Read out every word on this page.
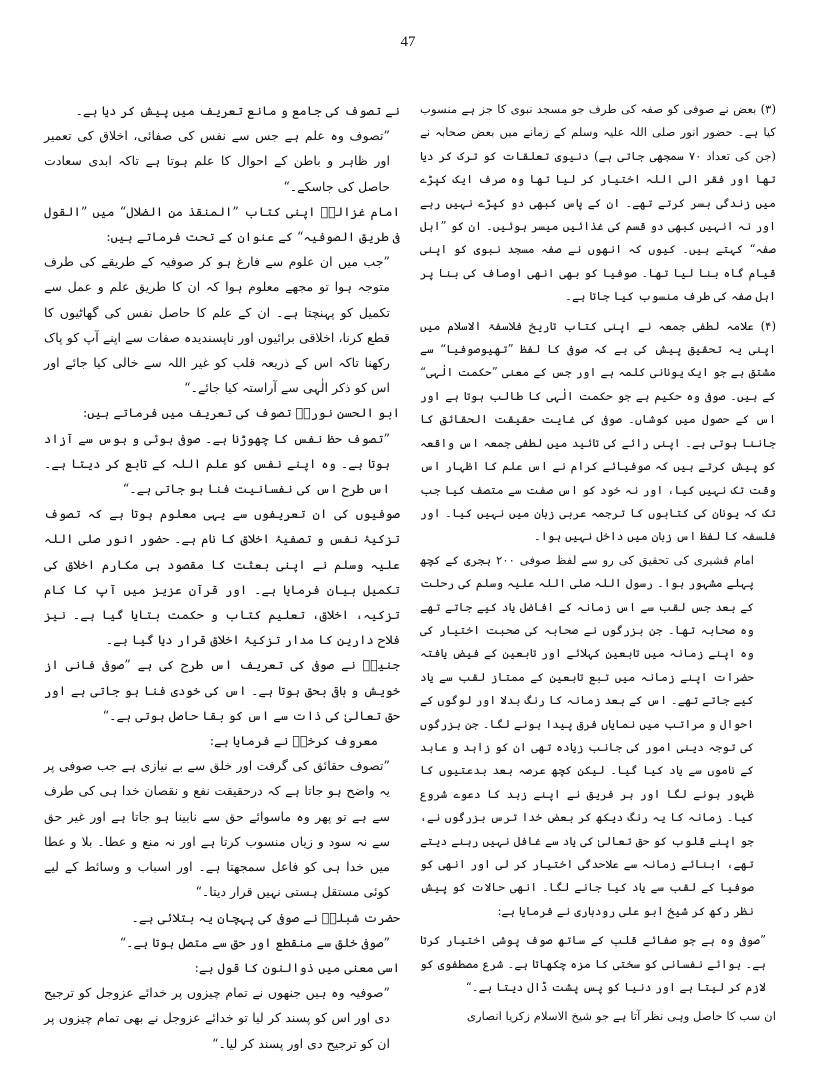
47

(۳) بعض نے صوفی کو صفہ کی طرف جو مسجد نبوی کا جز ہے منسوب کیا ہے۔ حضور انور صلی اللہ علیہ وسلم کے زمانے میں بعض صحابہ نے (جن کی تعداد ۷۰ سمجھی جاتی ہے) دنیوی تعلقات کو ترک کر دیا تھا اور فقر الی اللہ اختیار کر لیا تھا وہ صرف ایک کپڑے میں زندگی بسر کرتے تھے۔ ان کے پاس کبھی دو کپڑے نہیں رہے اور نہ انہیں کبھی دو قسم کی غذائیں میسر ہوئیں۔ ان کو ”اہل صفہ“ کہتے ہیں۔ کیوں کہ انھوں نے صفہ مسجد نبوی کو اپنی قیام گاہ بنا لیا تھا۔ صوفیا کو بھی انھی اوصاف کی بنا پر اہل صفہ کی طرف منسوب کیا جاتا ہے۔

(۴) علامہ لطفی جمعہ نے اپنی کتاب تاریخ فلاسفۃ الاسلام میں اپنی یہ تحقیق پیش کی ہے کہ صوفی کا لفظ ”تھیوصوفیا“ سے مشتق ہے جو ایک یونانی کلمہ ہے اور جس کے معنی ”حکمت الٰہی“ کے ہیں۔ صوفی وہ حکیم ہے جو حکمت الٰہی کا طالب ہوتا ہے اور اس کے حصول میں کوشاں۔ صوفی کی غایت حقیقت الحقائق کا جاننا ہوتی ہے۔ اپنی رائے کی تائید میں لطفی جمعہ اس واقعہ کو پیش کرتے ہیں کہ صوفیائے کرام نے اس علم کا اظہار اس وقت تک نہیں کیا، اور نہ خود کو اس صفت سے متصف کیا جب تک کہ یونان کی کتابوں کا ترجمہ عربی زبان میں نہیں کیا۔ اور فلسفہ کا لفظ اس زبان میں داخل نہیں ہوا۔

امام قشیری کی تحقیق کی رو سے لفظ صوفی ۲۰۰ ہجری کے کچھ پہلے مشہور ہوا۔ رسول اللہ صلی اللہ علیہ وسلم کی رحلت کے بعد جس لقب سے اس زمانہ کے افاضل یاد کیے جاتے تھے وہ صحابہ تھا۔ جن بزرگوں نے صحابہ کی صحبت اختیار کی وہ اپنے زمانہ میں تابعین کہلائے اور تابعین کے فیض یافتہ حضرات اپنے زمانہ میں تبع تابعین کے ممتاز لقب سے یاد کیے جاتے تھے۔ اس کے بعد زمانہ کا رنگ بدلا اور لوگوں کے احوال و مراتب میں نمایاں فرق پیدا ہونے لگا۔ جن بزرگوں کی توجہ دینی امور کی جانب زیادہ تھی ان کو زاہد و عابد کے ناموں سے یاد کیا گیا۔ لیکن کچھ عرصہ بعد بدعتیوں کا ظہور ہونے لگا اور ہر فریق نے اپنے زہد کا دعوے شروع کیا۔ زمانہ کا یہ رنگ دیکھ کر بعض خدا ترس بزرگوں نے، جو اپنے قلوب کو حق تعالیٰ کی یاد سے غافل نہیں رہنے دیتے تھے، ابنائے زمانہ سے علاحدگی اختیار کر لی اور انھی کو صوفیا کے لقب سے یاد کیا جانے لگا۔ انھی حالات کو پیش نظر رکھ کر شیخ ابو علی رودباری نے فرمایا ہے:

”صوفی وہ ہے جو صفائے قلب کے ساتھ صوف پوشی اختیار کرتا ہے۔ ہوائے نفسانی کو سختی کا مزہ چکھاتا ہے۔ شرع مصطفوی کو لازم کر لیتا ہے اور دنیا کو پس پشت ڈال دیتا ہے۔“

ان سب کا حاصل وہی نظر آتا ہے جو شیخ الاسلام زکریا انصاری

نے تصوف کی جامع و مانع تعریف میں پیش کر دیا ہے۔

”تصوف وہ علم ہے جس سے نفس کی صفائی، اخلاق کی تعمیر اور ظاہر و باطن کے احوال کا علم ہوتا ہے تاکہ ابدی سعادت حاصل کی جاسکے۔“

امام غزالیؒ اپنی کتاب ”المنقذ من الضلال“ میں ”القول فی طریق الصوفیہ“ کے عنوان کے تحت فرماتے ہیں:

”جب میں ان علوم سے فارغ ہو کر صوفیہ کے طریقے کی طرف متوجہ ہوا تو مجھے معلوم ہوا کہ ان کا طریق علم و عمل سے تکمیل کو پہنچتا ہے۔ ان کے علم کا حاصل نفس کی گھاٹیوں کا قطع کرنا، اخلاقی برائیوں اور ناپسندیدہ صفات سے اپنے آپ کو پاک رکھنا تاکہ اس کے ذریعہ قلب کو غیر اللہ سے خالی کیا جائے اور اس کو ذکر الٰہی سے آراستہ کیا جائے۔“

ابو الحسن نوریؒ تصوف کی تعریف میں فرماتے ہیں:

”تصوف حظ نفس کا چھوڑنا ہے۔ صوفی ہوئی و ہوس سے آزاد ہوتا ہے۔ وہ اپنے نفس کو علم اللہ کے تابع کر دیتا ہے۔ اس طرح اس کی نفسانیت فنا ہو جاتی ہے۔“

صوفیوں کی ان تعریفوں سے یہی معلوم ہوتا ہے کہ تصوف تزکیۂ نفس و تصفیۂ اخلاق کا نام ہے۔ حضور انور صلی اللہ علیہ وسلم نے اپنی بعثت کا مقصود ہی مکارم اخلاق کی تکمیل بیان فرمایا ہے۔ اور قرآن عزیز میں آپ کا کام تزکیہ، اخلاق، تعلیم کتاب و حکمت بتایا گیا ہے۔ نیز فلاح دارین کا مدار تزکیۂ اخلاق قرار دیا گیا ہے۔

جنیدؒ نے صوفی کی تعریف اس طرح کی ہے ”صوفی فانی از خویش و باقی بحق ہوتا ہے۔ اس کی خودی فنا ہو جاتی ہے اور حق تعالیٰ کی ذات سے اس کو بقا حاصل ہوتی ہے۔“

معروف کرخیؒ نے فرمایا ہے:

”تصوف حقائق کی گرفت اور خلق سے بے نیازی ہے جب صوفی پر یہ واضح ہو جاتا ہے کہ درحقیقت نفع و نقصان خدا ہی کی طرف سے ہے تو پھر وہ ماسوائے حق سے نابینا ہو جاتا ہے اور غیر حق سے نہ سود و زیاں منسوب کرتا ہے اور نہ منع و عطا۔ بلا و عطا میں خدا ہی کو فاعل سمجھتا ہے۔ اور اسباب و وسائط کے لیے کوئی مستقل ہستی نہیں قرار دیتا۔“

حضرت شبلیؒ نے صوفی کی پہچان یہ بتلائی ہے۔

”صوفی خلق سے منقطع اور حق سے متصل ہوتا ہے۔“

اسی معنی میں ذوالنون کا قول ہے:

”صوفیہ وہ ہیں جنھوں نے تمام چیزوں پر خدائے عزوجل کو ترجیح دی اور اس کو پسند کر لیا تو خدائے عزوجل نے بھی تمام چیزوں پر ان کو ترجیح دی اور پسند کر لیا۔“
